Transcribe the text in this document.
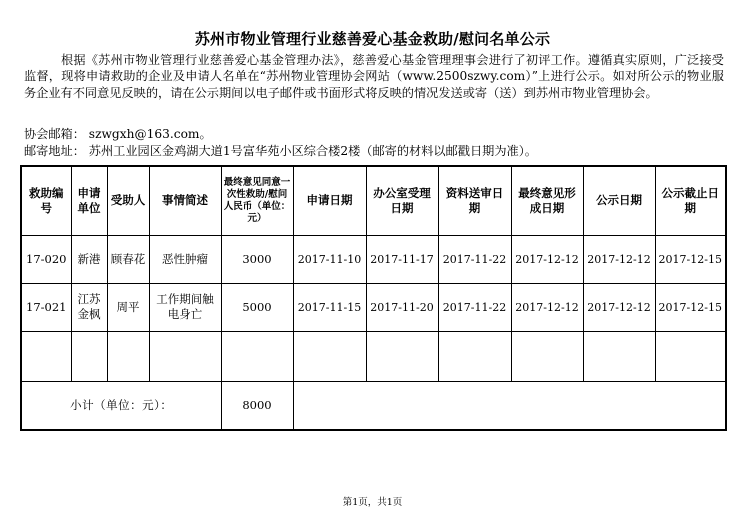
苏州市物业管理行业慈善爱心基金救助/慰问名单公示
根据《苏州市物业管理行业慈善爱心基金管理办法》，慈善爱心基金管理理事会进行了初评工作。遵循真实原则，广泛接受监督，现将申请救助的企业及申请人名单在“苏州物业管理协会网站（www.2500szwy.com）”上进行公示。如对所公示的物业服务企业有不同意见反映的，请在公示期间以电子邮件或书面形式将反映的情况发送或寄（送）到苏州市物业管理协会。
协会邮箱： szwgxh@163.com。
邮寄地址： 苏州工业园区金鸡湖大道1号富华苑小区综合楼2楼（邮寄的材料以邮戳日期为准）。
救助编号	申请单位	受助人	事情简述	最终意见同意一次性救助/慰问人民币（单位：元）	申请日期	办公室受理日期	资料送审日期	最终意见形成日期	公示日期	公示截止日期
17-020	新港	顾春花	恶性肿瘤	3000	2017-11-10	2017-11-17	2017-11-22	2017-12-12	2017-12-12	2017-12-15
17-021	江苏金枫	周平	工作期间触电身亡	5000	2017-11-15	2017-11-20	2017-11-22	2017-12-12	2017-12-12	2017-12-15

小计（单位：元）：				8000						
第1页，共1页
